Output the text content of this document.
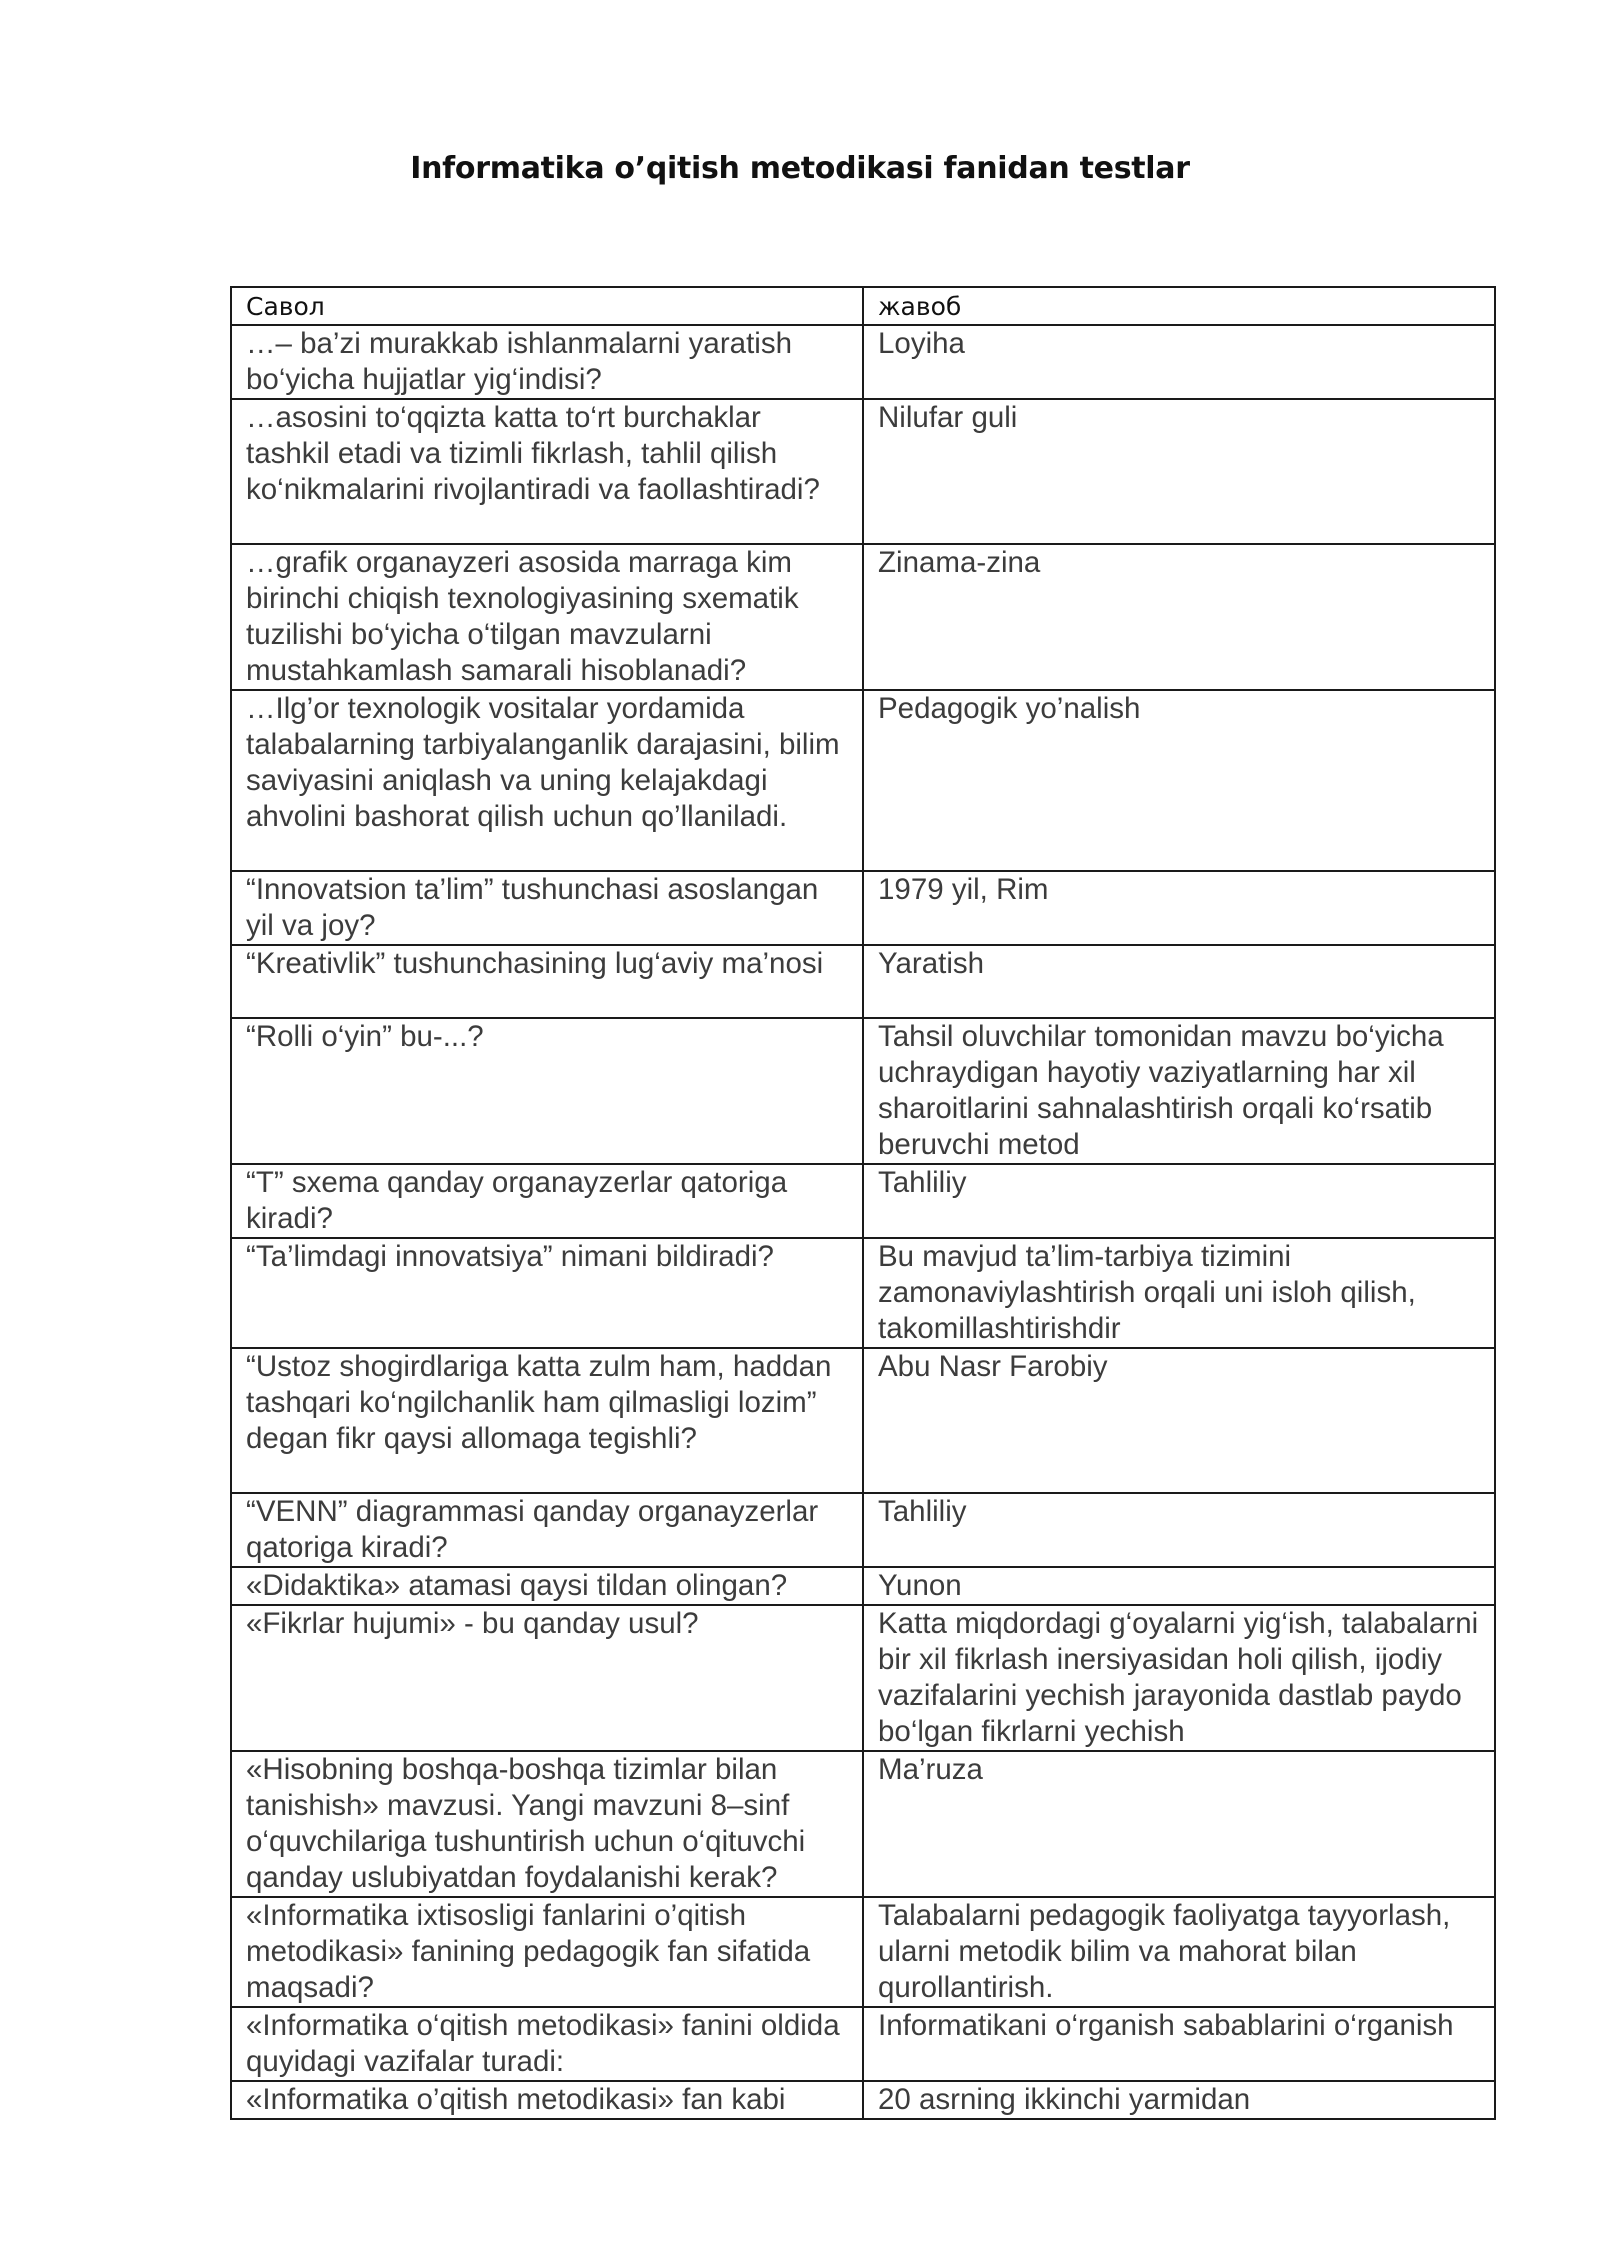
Informatika o’qitish metodikasi fanidan testlar
Савол	жавоб
…– ba’zi murakkab ishlanmalarni yaratish bo‘yicha hujjatlar yig‘indisi?	Loyiha
…asosini to‘qqizta katta to‘rt burchaklar tashkil etadi va tizimli fikrlash, tahlil qilish ko‘nikmalarini rivojlantiradi va faollashtiradi?	Nilufar guli
…grafik organayzeri asosida marraga kim birinchi chiqish texnologiyasining sxematik tuzilishi bo‘yicha o‘tilgan mavzularni mustahkamlash samarali hisoblanadi?	Zinama-zina
…Ilg’or texnologik vositalar yordamida talabalarning tarbiyalanganlik darajasini, bilim saviyasini aniqlash va uning kelajakdagi ahvolini bashorat qilish uchun qo’llaniladi.	Pedagogik yo’nalish
“Innovatsion ta’lim” tushunchasi asoslangan yil va joy?	1979 yil, Rim
“Kreativlik” tushunchasining lug‘aviy ma’nosi	Yaratish
“Rolli o‘yin” bu-...?	Tahsil oluvchilar tomonidan mavzu bo‘yicha uchraydigan hayotiy vaziyatlarning har xil sharoitlarini sahnalashtirish orqali ko‘rsatib beruvchi metod
“T” sxema qanday organayzerlar qatoriga kiradi?	Tahliliy
“Ta’limdagi innovatsiya” nimani bildiradi?	Bu mavjud ta’lim-tarbiya tizimini zamonaviylashtirish orqali uni isloh qilish, takomillashtirishdir
“Ustoz shogirdlariga katta zulm ham, haddan tashqari ko‘ngilchanlik ham qilmasligi lozim” degan fikr qaysi allomaga tegishli?	Abu Nasr Farobiy
“VENN” diagrammasi qanday organayzerlar qatoriga kiradi?	Tahliliy
«Didaktika» atamasi qaysi tildan olingan?	Yunon
«Fikrlar hujumi» - bu qanday usul?	Katta miqdordagi g‘oyalarni yig‘ish, talabalarni bir xil fikrlash inersiyasidan holi qilish, ijodiy vazifalarini yechish jarayonida dastlab paydo bo‘lgan fikrlarni yechish
«Hisobning boshqa-boshqa tizimlar bilan tanishish» mavzusi. Yangi mavzuni 8–sinf o‘quvchilariga tushuntirish uchun o‘qituvchi qanday uslubiyatdan foydalanishi kerak?	Ma’ruza
«Informatika ixtisosligi fanlarini o’qitish metodikasi» fanining pedagogik fan sifatida maqsadi?	Talabalarni pedagogik faoliyatga tayyorlash, ularni metodik bilim va mahorat bilan qurollantirish.
«Informatika o‘qitish metodikasi» fanini oldida quyidagi vazifalar turadi:	Informatikani o‘rganish sabablarini o‘rganish
«Informatika o’qitish metodikasi» fan kabi	20 asrning ikkinchi yarmidan
